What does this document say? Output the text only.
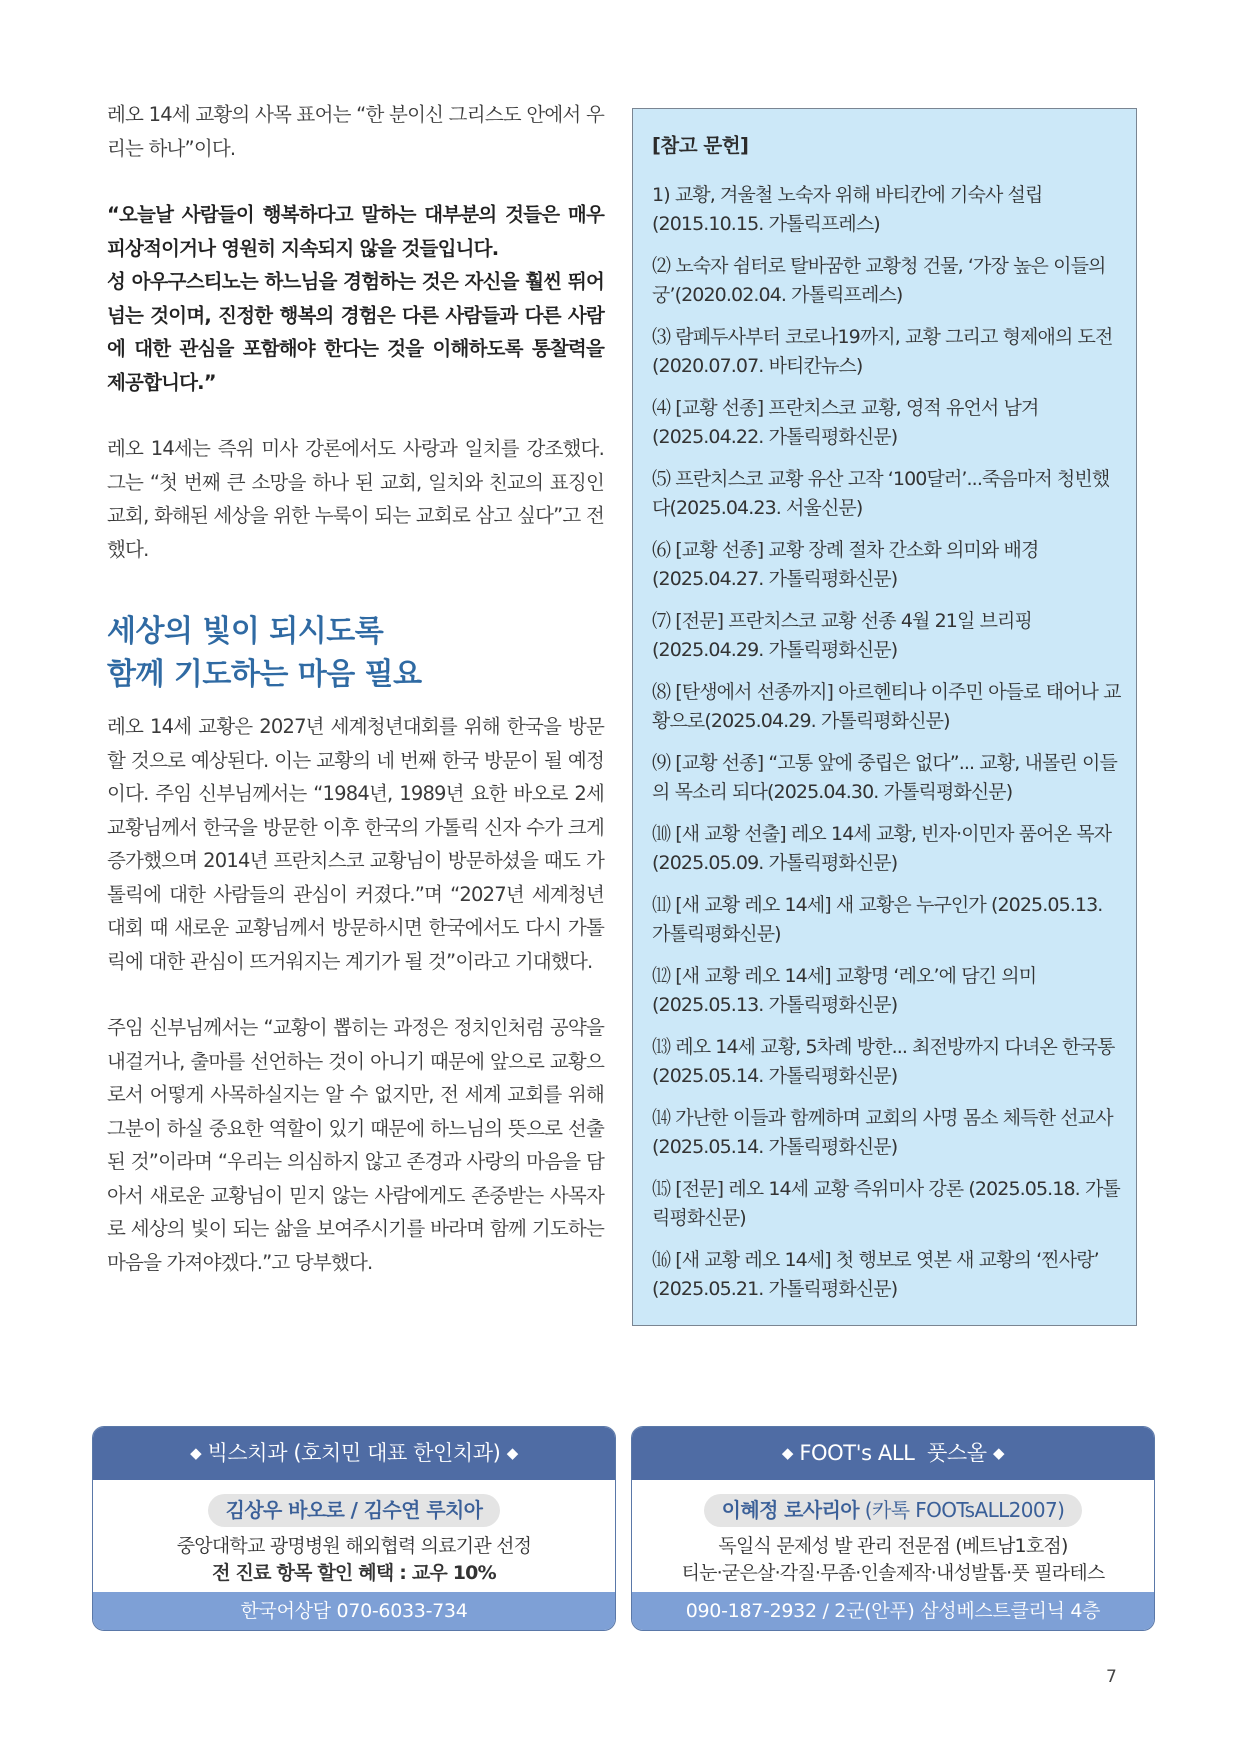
레오 14세 교황의 사목 표어는 “한 분이신 그리스도 안에서 우리는 하나”이다.

“오늘날 사람들이 행복하다고 말하는 대부분의 것들은 매우 피상적이거나 영원히 지속되지 않을 것들입니다.
성 아우구스티노는 하느님을 경험하는 것은 자신을 훨씬 뛰어넘는 것이며, 진정한 행복의 경험은 다른 사람들과 다른 사람에 대한 관심을 포함해야 한다는 것을 이해하도록 통찰력을 제공합니다.”

레오 14세는 즉위 미사 강론에서도 사랑과 일치를 강조했다. 그는 “첫 번째 큰 소망을 하나 된 교회, 일치와 친교의 표징인 교회, 화해된 세상을 위한 누룩이 되는 교회로 삼고 싶다”고 전했다.

세상의 빛이 되시도록
함께 기도하는 마음 필요

레오 14세 교황은 2027년 세계청년대회를 위해 한국을 방문할 것으로 예상된다. 이는 교황의 네 번째 한국 방문이 될 예정이다. 주임 신부님께서는 “1984년, 1989년 요한 바오로 2세 교황님께서 한국을 방문한 이후 한국의 가톨릭 신자 수가 크게 증가했으며 2014년 프란치스코 교황님이 방문하셨을 때도 가톨릭에 대한 사람들의 관심이 커졌다.”며 “2027년 세계청년대회 때 새로운 교황님께서 방문하시면 한국에서도 다시 가톨릭에 대한 관심이 뜨거워지는 계기가 될 것”이라고 기대했다.

주임 신부님께서는 “교황이 뽑히는 과정은 정치인처럼 공약을 내걸거나, 출마를 선언하는 것이 아니기 때문에 앞으로 교황으로서 어떻게 사목하실지는 알 수 없지만, 전 세계 교회를 위해 그분이 하실 중요한 역할이 있기 때문에 하느님의 뜻으로 선출된 것”이라며 “우리는 의심하지 않고 존경과 사랑의 마음을 담아서 새로운 교황님이 믿지 않는 사람에게도 존중받는 사목자로 세상의 빛이 되는 삶을 보여주시기를 바라며 함께 기도하는 마음을 가져야겠다.”고 당부했다.

[참고 문헌]
1) 교황, 겨울철 노숙자 위해 바티칸에 기숙사 설립 (2015.10.15. 가톨릭프레스)
⑵ 노숙자 쉼터로 탈바꿈한 교황청 건물, ‘가장 높은 이들의 궁’(2020.02.04. 가톨릭프레스)
⑶ 람페두사부터 코로나19까지, 교황 그리고 형제애의 도전 (2020.07.07. 바티칸뉴스)
⑷ [교황 선종] 프란치스코 교황, 영적 유언서 남겨 (2025.04.22. 가톨릭평화신문)
⑸ 프란치스코 교황 유산 고작 ‘100달러’...죽음마저 청빈했다(2025.04.23. 서울신문)
⑹ [교황 선종] 교황 장례 절차 간소화 의미와 배경 (2025.04.27. 가톨릭평화신문)
⑺ [전문] 프란치스코 교황 선종 4월 21일 브리핑 (2025.04.29. 가톨릭평화신문)
⑻ [탄생에서 선종까지] 아르헨티나 이주민 아들로 태어나 교황으로(2025.04.29. 가톨릭평화신문)
⑼ [교황 선종] “고통 앞에 중립은 없다”... 교황, 내몰린 이들의 목소리 되다(2025.04.30. 가톨릭평화신문)
⑽ [새 교황 선출] 레오 14세 교황, 빈자·이민자 품어온 목자 (2025.05.09. 가톨릭평화신문)
⑾ [새 교황 레오 14세] 새 교황은 누구인가 (2025.05.13. 가톨릭평화신문)
⑿ [새 교황 레오 14세] 교황명 ‘레오’에 담긴 의미 (2025.05.13. 가톨릭평화신문)
⒀ 레오 14세 교황, 5차례 방한... 최전방까지 다녀온 한국통(2025.05.14. 가톨릭평화신문)
⒁ 가난한 이들과 함께하며 교회의 사명 몸소 체득한 선교사(2025.05.14. 가톨릭평화신문)
⒂ [전문] 레오 14세 교황 즉위미사 강론 (2025.05.18. 가톨릭평화신문)
⒃ [새 교황 레오 14세] 첫 행보로 엿본 새 교황의 ‘찐사랑’ (2025.05.21. 가톨릭평화신문)
◆ 빅스치과 (호치민 대표 한인치과) ◆
김상우 바오로 / 김수연 루치아
중앙대학교 광명병원 해외협력 의료기관 선정
전 진료 항목 할인 혜택 : 교우 10%
한국어상담 070-6033-734
◆ FOOT's ALL  풋스올 ◆
이혜정 로사리아 (카톡 FOOTsALL2007)
독일식 문제성 발 관리 전문점 (베트남1호점)
티눈·굳은살·각질·무좀·인솔제작·내성발톱·풋 필라테스
090-187-2932 / 2군(안푸) 삼성베스트클리닉 4층
7
